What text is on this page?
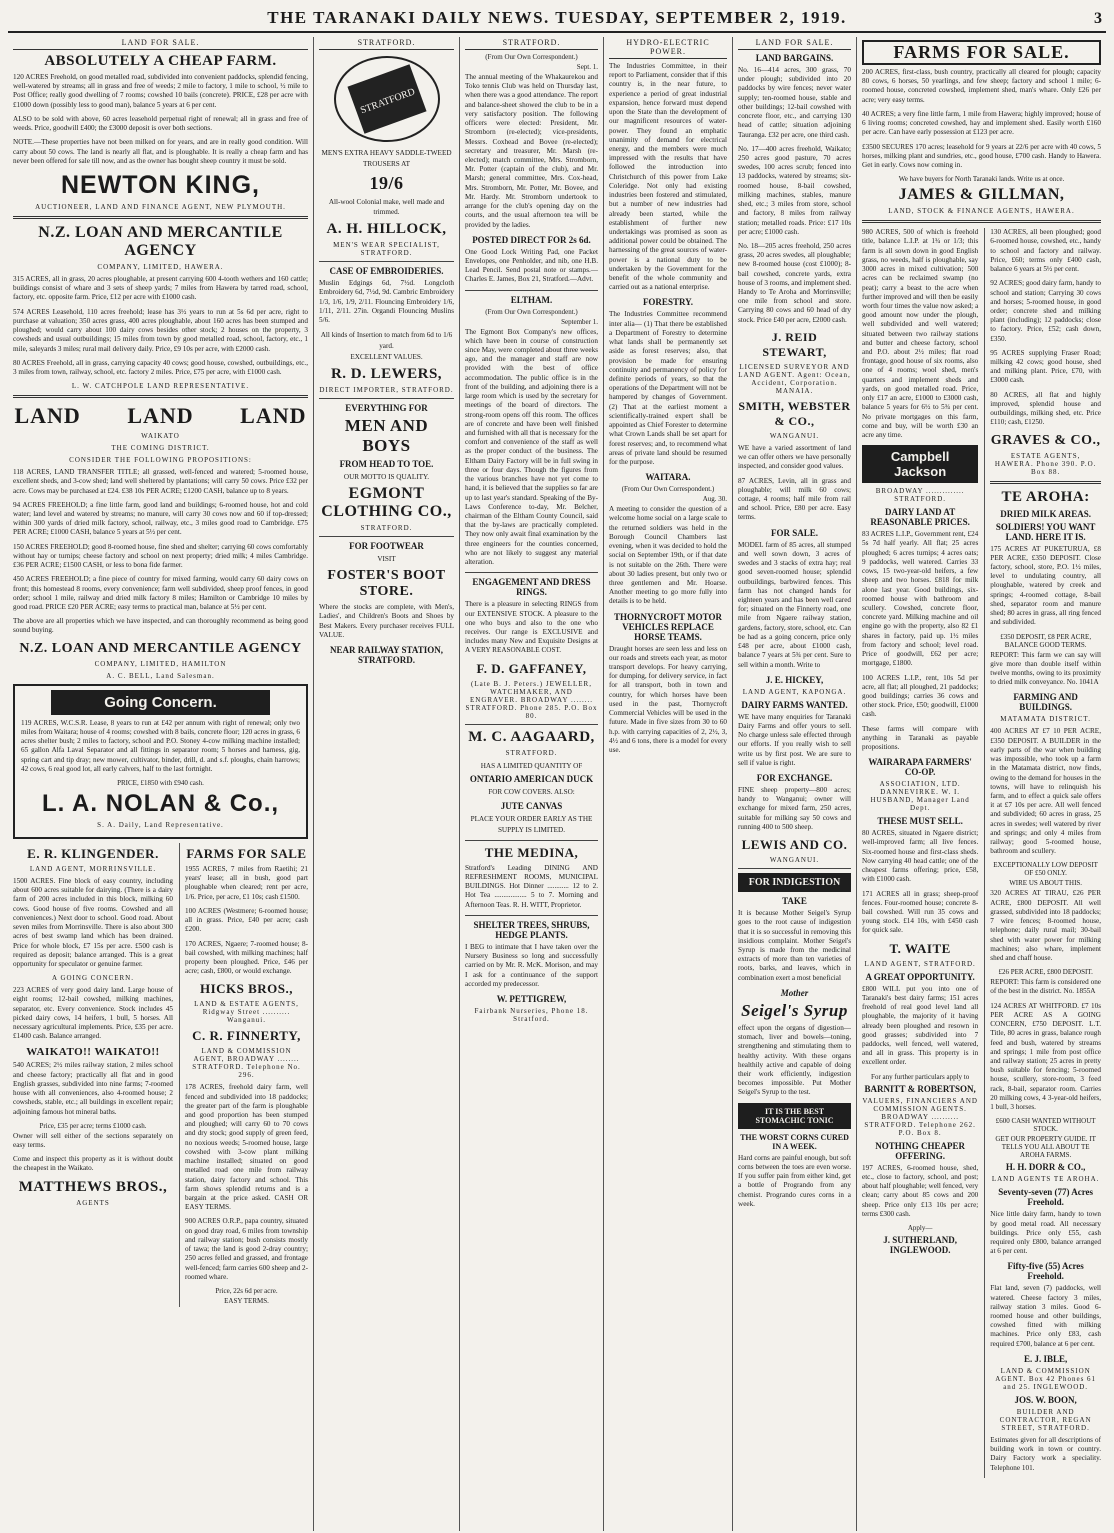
THE TARANAKI DAILY NEWS. TUESDAY, SEPTEMBER 2, 1919.	3
LAND FOR SALE.
ABSOLUTELY A CHEAP FARM.

120 ACRES Freehold, on good metalled road, subdivided into convenient paddocks, splendid fencing, well-watered by streams; all in grass and free of weeds; 2 mile to factory, 1 mile to school, ½ mile to Post Office; really good dwelling of 7 rooms; cowshed 10 bails (concrete). PRICE, £28 per acre with £1000 down (possibly less to good man), balance 5 years at 6 per cent.

ALSO to be sold with above, 60 acres leasehold perpetual right of renewal; all in grass and free of weeds. Price, goodwill £400; the £3000 deposit is over both sections.

NOTE.—These properties have not been milked on for years, and are in really good condition. Will carry about 50 cows. The land is nearly all flat, and is ploughable. It is really a cheap farm and has never been offered for sale till now, and as the owner has bought sheep country it must be sold.

NEWTON KING,
AUCTIONEER, LAND AND FINANCE AGENT, NEW PLYMOUTH.
N.Z. LOAN AND MERCANTILE AGENCY
COMPANY, LIMITED, HAWERA.

315 ACRES, all in grass, 20 acres ploughable, at present carrying 600 4-tooth wethers and 160 cattle; buildings consist of whare and 3 sets of sheep yards; 7 miles from Hawera by tarred road, school, factory, etc. opposite farm. Price, £12 per acre with £1000 cash.

574 ACRES Leasehold, 110 acres freehold; lease has 3½ years to run at 5s 6d per acre, right to purchase at valuation; 350 acres grass, 400 acres ploughable, about 160 acres has been stumped and ploughed; would carry about 100 dairy cows besides other stock; 2 houses on the property, 3 cowsheds and usual outbuildings; 15 miles from town by good metalled road, school, factory, etc., 1 mile, saleyards 3 miles; rural mail delivery daily. Price, £9 10s per acre, with £2000 cash.

80 ACRES Freehold, all in grass, carrying capacity 40 cows; good house, cowshed, outbuildings, etc., 3 miles from town, railway, school, etc. factory 2 miles. Price, £75 per acre, with £1000 cash.

L. W. CATCHPOLE LAND REPRESENTATIVE.
LAND LAND LAND
WAIKATO
THE COMING DISTRICT.
CONSIDER THE FOLLOWING PROPOSITIONS:

118 ACRES, LAND TRANSFER TITLE; all grassed, well-fenced and watered; 5-roomed house, excellent sheds, and 3-cow shed; land well sheltered by plantations; will carry 50 cows. Price £32 per acre. Cows may be purchased at £24. £38 10s PER ACRE; £1200 CASH, balance up to 8 years.

94 ACRES FREEHOLD; a fine little farm, good land and buildings; 6-roomed house, hot and cold water; land level and watered by streams; no manure, will carry 30 cows now and 60 if top-dressed; within 300 yards of dried milk factory, school, railway, etc., 3 miles good road to Cambridge. £75 PER ACRE; £1000 CASH, balance 5 years at 5½ per cent.

150 ACRES FREEHOLD; good 8-roomed house, fine shed and shelter; carrying 60 cows comfortably without hay or turnips; cheese factory and school on next property; dried milk; 4 miles Cambridge. £36 PER ACRE; £1500 CASH, or less to bona fide farmer.

450 ACRES FREEHOLD; a fine piece of country for mixed farming, would carry 60 dairy cows on front; this homestead 8 rooms, every convenience; farm well subdivided, sheep proof fences, in good order; school 1 mile, railway and dried milk factory 8 miles; Hamilton or Cambridge 10 miles by good road. PRICE £20 PER ACRE; easy terms to practical man, balance at 5½ per cent.

The above are all properties which we have inspected, and can thoroughly recommend as being good sound buying.

N.Z. LOAN AND MERCANTILE AGENCY
COMPANY, LIMITED, HAMILTON
A. C. BELL, Land Salesman.
Going Concern.

119 ACRES, W.C.S.R. Lease, 8 years to run at £42 per annum with right of renewal; only two miles from Waitara; house of 4 rooms; cowshed with 8 bails, concrete floor; 120 acres in grass, 6 acres shelter bush; 2 miles to factory, school and P.O. Stoney 4-cow milking machine installed; 65 gallon Alfa Laval Separator and all fittings in separator room; 5 horses and harness, gig, spring cart and tip dray; new mower, cultivator, binder, drill, d. and s.f. ploughs, chain harrows; 42 cows, 6 real good lot, all early calvers, half to the last fortnight.

PRICE, £1850 with £940 cash.
L. A. NOLAN & Co.,
S. A. Daily, Land Representative.
E. R. KLINGENDER.
LAND AGENT, MORRINSVILLE.

1500 ACRES. Fine block of easy country, including about 600 acres suitable for dairying. (There is a dairy farm of 200 acres included in this block, milking 60 cows. Good house of five rooms. Cowshed and all conveniences.) Next door to school. Good road. About seven miles from Morrinsville. There is also about 300 acres of best swamp land which has been drained. Price for whole block, £7 15s per acre. £500 cash is required as deposit; balance arranged. This is a great opportunity for speculator or genuine farmer.

A GOING CONCERN.

223 ACRES of very good dairy land. Large house of eight rooms; 12-bail cowshed, milking machines, separator, etc. Every convenience. Stock includes 45 picked dairy cows, 14 heifers, 1 bull, 5 horses. All necessary agricultural implements. Price, £35 per acre. £1400 cash. Balance arranged.

WAIKATO!! WAIKATO!!

540 ACRES; 2½ miles railway station, 2 miles school and cheese factory; practically all flat and in good English grasses, subdivided into nine farms; 7-roomed house with all conveniences, also 4-roomed house; 2 cowsheds, stable, etc.; all buildings in excellent repair; adjoining famous hot mineral baths.

Price, £35 per acre; terms £1000 cash.

Owner will sell either of the sections separately on easy terms.

Come and inspect this property as it is without doubt the cheapest in the Waikato.

MATTHEWS BROS.,
AGENTS
FARMS FOR SALE

1955 ACRES, 7 miles from Raetihi; 21 years' lease; all in bush, good part ploughable when cleared; rent per acre, 1/6. Price, per acre, £1 10s; cash £1500.

100 ACRES (Westmere; 6-roomed house; all in grass. Price, £40 per acre; cash £200.

170 ACRES, Ngaere; 7-roomed house; 8-bail cowshed, with milking machines; half property been ploughed. Price, £46 per acre; cash, £800, or would exchange.

HICKS BROS.,
LAND & ESTATE AGENTS, Ridgway Street .......... Wanganui.
C. R. FINNERTY,
LAND & COMMISSION AGENT, BROADWAY ........ STRATFORD. Telephone No. 296.

178 ACRES, freehold dairy farm, well fenced and subdivided into 18 paddocks; the greater part of the farm is ploughable and good proportion has been stumped and ploughed; will carry 60 to 70 cows and dry stock; good supply of green feed, no noxious weeds; 5-roomed house, large cowshed with 3-cow plant milking machine installed; situated on good metalled road one mile from railway station, dairy factory and school. This farm shows splendid returns and is a bargain at the price asked. CASH OR EASY TERMS.

900 ACRES O.R.P., papa country, situated on good dray road, 6 miles from township and railway station; bush consists mostly of tawa; the land is good 2-dray country; 250 acres felled and grassed, and frontage well-fenced; farm carries 600 sheep and 2-roomed whare.

Price, 22s 6d per acre.
EASY TERMS.
STRATFORD.
STRATFORD
MEN'S EXTRA HEAVY SADDLE-TWEED TROUSERS AT
19/6
All-wool Colonial make, well made and trimmed.
A. H. HILLOCK,
MEN'S WEAR SPECIALIST, STRATFORD.
CASE OF EMBROIDERIES.

Muslin Edgings 6d, 7½d. Longcloth Embroidery 6d, 7½d, 9d. Cambric Embroidery 1/3, 1/6, 1/9, 2/11. Flouncing Embroidery 1/6, 1/11, 2/11. 27in. Organdi Flouncing Muslins 5/6.

All kinds of Insertion to match from 6d to 1/6 yard.
EXCELLENT VALUES.
R. D. LEWERS,
DIRECT IMPORTER, STRATFORD.
EVERYTHING FOR
MEN AND BOYS
FROM HEAD TO TOE.
OUR MOTTO IS QUALITY.
EGMONT CLOTHING CO.,
STRATFORD.
FOR FOOTWEAR
VISIT
FOSTER'S BOOT STORE.

Where the stocks are complete, with Men's, Ladies', and Children's Boots and Shoes by Best Makers. Every purchaser receives FULL VALUE.

NEAR RAILWAY STATION, STRATFORD.
STRATFORD.
(From Our Own Correspondent.)
Sept. 1.

The annual meeting of the Whakaurekou and Toko tennis Club was held on Thursday last, when there was a good attendance. The report and balance-sheet showed the club to be in a very satisfactory position. The following officers were elected: President, Mr. Stromborn (re-elected); vice-presidents, Messrs. Coxhead and Bovee (re-elected); secretary and treasurer, Mr. Marsh (re-elected); match committee, Mrs. Stromborn, Mr. Potter (captain of the club), and Mr. Marsh; general committee, Mrs. Cox-head, Mrs. Stromborn, Mr. Potter, Mr. Bovee, and Mr. Hardy. Mr. Stromborn undertook to arrange for the club's opening day on the courts, and the usual afternoon tea will be provided by the ladies.

POSTED DIRECT FOR 2s 6d.

One Good Lock Writing Pad, one Packet Envelopes, one Penholder, and nib, one H.B. Lead Pencil. Send postal note or stamps.—Charles E. James, Box 21, Stratford.—Advt.

ELTHAM.
(From Our Own Correspondent.)
September 1.

The Egmont Box Company's new offices, which have been in course of construction since May, were completed about three weeks ago, and the manager and staff are now provided with the best of office accommodation. The public office is in the front of the building, and adjoining there is a large room which is used by the secretary for meetings of the board of directors. The strong-room opens off this room. The offices are of concrete and have been well finished and furnished with all that is necessary for the comfort and convenience of the staff as well as the proper conduct of the business. The Eltham Dairy Factory will be in full swing in three or four days. Though the figures from the various branches have not yet come to hand, it is believed that the supplies so far are up to last year's standard. Speaking of the By-Laws Conference to-day, Mr. Belcher, chairman of the Eltham County Council, said that the by-laws are practically completed. They now only await final examination by the three engineers for the counties concerned, who are not likely to suggest any material alteration.

ENGAGEMENT AND DRESS RINGS.

There is a pleasure in selecting RINGS from our EXTENSIVE STOCK. A pleasure to the one who buys and also to the one who receives. Our range is EXCLUSIVE and includes many New and Exquisite Designs at A VERY REASONABLE COST.

F. D. GAFFANEY,
(Late B. J. Peters.) JEWELLER, WATCHMAKER, AND ENGRAVER. BROADWAY ........ STRATFORD. Phone 285. P.O. Box 80.
M. C. AAGAARD,
STRATFORD.
HAS A LIMITED QUANTITY OF
ONTARIO AMERICAN DUCK
FOR COW COVERS. ALSO:
JUTE CANVAS
PLACE YOUR ORDER EARLY AS THE SUPPLY IS LIMITED.
THE MEDINA,

Stratford's Leading DINING AND REFRESHMENT ROOMS, MUNICIPAL BUILDINGS. Hot Dinner ............ 12 to 2. Hot Tea .................. 5 to 7. Morning and Afternoon Teas. R. H. WITT, Proprietor.

SHELTER TREES, SHRUBS, HEDGE PLANTS.

I BEG to intimate that I have taken over the Nursery Business so long and successfully carried on by Mr. R. McK. Morison, and may I ask for a continuance of the support accorded my predecessor.

W. PETTIGREW,
Fairbank Nurseries, Phone 18. Stratford.
HYDRO-ELECTRIC POWER.

The Industries Committee, in their report to Parliament, consider that if this country is, in the near future, to experience a period of great industrial expansion, hence forward must depend upon the State than the development of our magnificent resources of water-power. They found an emphatic unanimity of demand for electrical energy, and the members were much impressed with the results that have followed the introduction into Christchurch of this power from Lake Coleridge. Not only had existing industries been fostered and stimulated, but a number of new industries had already been started, while the establishment of further new undertakings was promised as soon as additional power could be obtained. The harnessing of the great sources of water-power is a national duty to be undertaken by the Government for the benefit of the whole community and carried out as a national enterprise.

FORESTRY.

The Industries Committee recommend inter alia— (1) That there be established a Department of Forestry to determine what lands shall be permanently set aside as forest reserves; also, that provision be made for ensuring continuity and permanency of policy for definite periods of years, so that the operations of the Department will not be hampered by changes of Government. (2) That at the earliest moment a scientifically-trained expert shall be appointed as Chief Forester to determine what Crown Lands shall be set apart for forest reserves; and, to recommend what areas of private land should be resumed for the purpose.

WAITARA.
(From Our Own Correspondent.)
Aug. 30.

A meeting to consider the question of a welcome home social on a large scale to the returned soldiers was held in the Borough Council Chambers last evening, when it was decided to hold the social on September 19th, or if that date is not suitable on the 26th. There were about 30 ladies present, but only two or three gentlemen and Mr. Hoarse. Another meeting to go more fully into details is to be held.

THORNYCROFT MOTOR VEHICLES REPLACE HORSE TEAMS.

Draught horses are seen less and less on our roads and streets each year, as motor transport develops. For heavy carrying, for dumping, for delivery service, in fact for all transport, both in town and country, for which horses have been used in the past, Thornycroft Commercial Vehicles will be used in the future. Made in five sizes from 30 to 60 h.p. with carrying capacities of 2, 2½, 3, 4½ and 6 tons, there is a model for every use.

LAND FOR SALE.
LAND BARGAINS.

No. 16—414 acres, 300 grass, 70 under plough; subdivided into 20 paddocks by wire fences; never water supply; ten-roomed house, stable and other buildings; 12-bail cowshed with concrete floor, etc., and carrying 130 head of cattle; situation adjoining Tauranga. £32 per acre, one third cash.

No. 17—400 acres freehold, Waikato; 250 acres good pasture, 70 acres swedes, 100 acres scrub; fenced into 13 paddocks, watered by streams; six-roomed house, 8-bail cowshed, milking machines, stables, manure shed, etc.; 3 miles from store, school and factory, 8 miles from railway station; metalled roads. Price: £17 10s per acre; £1000 cash.

No. 18—205 acres freehold, 250 acres grass, 20 acres swedes, all ploughable; new 8-roomed house (cost £1000); 8-bail cowshed, concrete yards, extra house of 3 rooms, and implement shed. Handy to Te Aroha and Morrinsville; one mile from school and store. Carrying 80 cows and 60 head of dry stock. Price £40 per acre, £2000 cash.

J. REID STEWART,
LICENSED SURVEYOR AND LAND AGENT. Agent: Ocean, Accident, Corporation. MANAIA.
SMITH, WEBSTER & CO.,
WANGANUI.

WE have a varied assortment of land we can offer others we have personally inspected, and consider good values.

87 ACRES, Levin, all in grass and ploughable; will milk 60 cows; cottage, 4 rooms; half mile from rail and school. Price, £80 per acre. Easy terms.

FOR SALE.

MODEL farm of 85 acres, all stumped and well sown down, 3 acres of swedes and 3 stacks of extra hay; real good seven-roomed house; splendid outbuildings, barbwired fences. This farm has not changed hands for eighteen years and has been well cared for; situated on the Finnerty road, one mile from Ngaere railway station, gardens, factory, store, school, etc. Can be had as a going concern, price only £48 per acre, about £1000 cash, balance 7 years at 5¾ per cent. Sure to sell within a month. Write to

J. E. HICKEY,
LAND AGENT, KAPONGA.
DAIRY FARMS WANTED.

WE have many enquiries for Taranaki Dairy Farms and offer yours to sell. No charge unless sale effected through our efforts. If you really wish to sell write us by first post. We are sure to sell if value is right.

FOR EXCHANGE.

FINE sheep property—800 acres; handy to Wanganui; owner will exchange for mixed farm, 250 acres, suitable for milking say 50 cows and running 400 to 500 sheep.

LEWIS AND CO.
WANGANUI.
FOR INDIGESTION
TAKE

It is because Mother Seigel's Syrup goes to the root cause of indigestion that it is so successful in removing this insidious complaint. Mother Seigel's Syrup is made from the medicinal extracts of more than ten varieties of roots, barks, and leaves, which in combination exert a most beneficial

Mother
Seigel's Syrup

effect upon the organs of digestion—stomach, liver and bowels—toning, strengthening and stimulating them to healthy activity. With these organs healthily active and capable of doing their work efficiently, indigestion becomes impossible. Put Mother Seigel's Syrup to the test.

IT IS THE BEST STOMACHIC TONIC
THE WORST CORNS CURED IN A WEEK.

Hard corns are painful enough, but soft corns between the toes are even worse. If you suffer pain from either kind, get a bottle of Progrando from any chemist. Progrando cures corns in a week.

FARMS FOR SALE.

200 ACRES, first-class, bush country, practically all cleared for plough; capacity 80 cows, 6 horses, 50 yearlings, and few sheep; factory and school 1 mile; 6-roomed house, concreted cowshed, implement shed, man's whare. Only £26 per acre; very easy terms.

40 ACRES; a very fine little farm, 1 mile from Hawera; highly improved; house of 6 living rooms; concreted cowshed, hay and implement shed. Easily worth £160 per acre. Can have early possession at £123 per acre.

£3500 SECURES 170 acres; leasehold for 9 years at 22/6 per acre with 40 cows, 5 horses, milking plant and sundries, etc., good house, £700 cash. Handy to Hawera. Get in early. Cows now coming in.

We have buyers for North Taranaki lands. Write us at once.
JAMES & GILLMAN,
LAND, STOCK & FINANCE AGENTS, HAWERA.

980 ACRES, 500 of which is freehold title, balance L.I.P. at 1¾ or 1/3; this farm is all sown down in good English grass, no weeds, half is ploughable, say 3000 acres in mixed cultivation; 500 acres can be reclaimed swamp (no peat); carry a beast to the acre when further improved and will then be easily worth four times the value now asked; a good amount now under the plough, well subdivided and well watered; situated between two railway stations and butter and cheese factory, school and P.O. about 2½ miles; flat road frontage, good house of six rooms, also one of 4 rooms; wool shed, men's quarters and implement sheds and yards, on good metalled road. Price, only £17 an acre, £1000 to £3000 cash, balance 5 years for 6½ to 5¾ per cent. No private mortgages on this farm, come and buy, will be worth £30 an acre any time.

Campbell Jackson
BROADWAY .............. STRATFORD.
DAIRY LAND AT REASONABLE PRICES.

83 ACRES L.I.P., Government rent, £24 5s 7d half yearly. All flat; 25 acres ploughed; 6 acres turnips; 4 acres oats; 9 paddocks, well watered. Carries 33 cows, 15 two-year-old heifers, a few sheep and two horses. £818 for milk alone last year. Good buildings, six-roomed house with bathroom and scullery. Cowshed, concrete floor, concrete yard. Milking machine and oil engine go with the property, also 82 £1 shares in factory, paid up. 1½ miles from factory and school; level road. Price of goodwill, £62 per acre; mortgage, £1800.

100 ACRES L.I.P., rent, 10s 5d per acre, all flat; all ploughed, 21 paddocks; good buildings; carries 36 cows and other stock. Price, £50; goodwill, £1000 cash.

These farms will compare with anything in Taranaki as payable propositions.

WAIRARAPA FARMERS' CO-OP.
ASSOCIATION, LTD. DANNEVIRKE. W. I. HUSBAND, Manager Land Dept.
THESE MUST SELL.

80 ACRES, situated in Ngaere district; well-improved farm; all live fences. Six-roomed house and first-class sheds. Now carrying 40 head cattle; one of the cheapest farms offering; price, £58, with £1000 cash.

171 ACRES all in grass; sheep-proof fences. Four-roomed house; concrete 8-bail cowshed. Will run 35 cows and young stock. £14 10s, with £450 cash for quick sale.

T. WAITE
LAND AGENT, STRATFORD.
A GREAT OPPORTUNITY.

£800 WILL put you into one of Taranaki's best dairy farms; 151 acres freehold of real good level land all ploughable, the majority of it having already been ploughed and resown in good grasses; subdivided into 7 paddocks, well fenced, well watered, and all in grass. This property is in excellent order.

For any further particulars apply to
BARNITT & ROBERTSON,
VALUERS, FINANCIERS AND COMMISSION AGENTS. BROADWAY .......... STRATFORD. Telephone 262. P.O. Box 8.
NOTHING CHEAPER OFFERING.

197 ACRES, 6-roomed house, shed, etc., close to factory, school, and post; about half ploughable; well fenced, very clean; carry about 85 cows and 200 sheep. Price only £13 10s per acre; terms £300 cash.

Apply—
J. SUTHERLAND, INGLEWOOD.

130 ACRES, all been ploughed; good 6-roomed house, cowshed, etc., handy to school and factory and railway. Price, £60; terms only £400 cash, balance 6 years at 5½ per cent.

92 ACRES; good dairy farm, handy to school and station; Carrying 30 cows and horses; 5-roomed house, in good order; concrete shed and milking plant (including); 12 paddocks; close to factory. Price, £52; cash down, £350.

95 ACRES supplying Fraser Road; milking 42 cows; good house, shed and milking plant. Price, £70, with £3000 cash.

80 ACRES, all flat and highly improved, splendid house and outbuildings, milking shed, etc. Price £110; cash, £1250.

GRAVES & CO.,
ESTATE AGENTS, HAWERA. Phone 390. P.O. Box 88.
TE AROHA:
DRIED MILK AREAS.
SOLDIERS! YOU WANT LAND. HERE IT IS.

175 ACRES AT PUKETURUA, £8 PER ACRE, £350 DEPOSIT. Close factory, school, store, P.O. 1½ miles, level to undulating country, all ploughable, watered by creek and springs; 4-roomed cottage, 8-bail shed, separator room and manure shed; 80 acres in grass, all ring fenced and subdivided.

£350 DEPOSIT, £8 PER ACRE, BALANCE GOOD TERMS.

REPORT: This farm we can say will give more than double itself within twelve months, owing to its proximity to dried milk conveyance. No. 1041A

FARMING AND BUILDINGS.
MATAMATA DISTRICT.

400 ACRES AT £7 10 PER ACRE, £350 DEPOSIT. A BUILDER in the early parts of the war when building was impossible, who took up a farm in the Matamata district, now finds, owing to the demand for houses in the towns, will have to relinquish his farm, and to effect a quick sale offers it at £7 10s per acre. All well fenced and subdivided; 60 acres in grass, 25 acres in swedes; well watered by river and springs; and only 4 miles from railway; good 5-roomed house, bathroom and scullery.

EXCEPTIONALLY LOW DEPOSIT OF £50 ONLY.
WIRE US ABOUT THIS.

320 ACRES AT TIRAU, £26 PER ACRE, £800 DEPOSIT. All well grassed, subdivided into 18 paddocks; 7 wire fences; 8-roomed house, telephone; daily rural mail; 30-bail shed with water power for milking machines; also whare, implement shed and chaff house.

£26 PER ACRE, £800 DEPOSIT.

REPORT: This farm is considered one of the best in the district. No. 1855A

124 ACRES AT WHITFORD. £7 10s PER ACRE AS A GOING CONCERN, £750 DEPOSIT. L.T. Title, 80 acres in grass, balance rough feed and bush, watered by streams and springs; 1 mile from post office and railway station; 25 acres in pretty bush suitable for fencing; 5-roomed house, scullery, store-room, 3 feed rack, 8-bail, separator room. Carries 20 milking cows, 4 3-year-old heifers, 1 bull, 3 horses.

£600 CASH WANTED WITHOUT STOCK.
GET OUR PROPERTY GUIDE. IT TELLS YOU ALL ABOUT TE AROHA FARMS.
H. H. DORR & CO.,
LAND AGENTS TE AROHA.
Seventy-seven (77) Acres Freehold.

Nice little dairy farm, handy to town by good metal road. All necessary buildings. Price only £55, cash required only £800, balance arranged at 6 per cent.

Fifty-five (55) Acres Freehold.

Flat land, seven (7) paddocks, well watered. Cheese factory 3 miles, railway station 3 miles. Good 6-roomed house and other buildings, cowshed fitted with milking machines. Price only £83, cash required £700, balance at 6 per cent.

E. J. IBLE,
LAND & COMMISSION AGENT. Box 42 Phones 61 and 25. INGLEWOOD.
JOS. W. BOON,
BUILDER AND CONTRACTOR, REGAN STREET, STRATFORD.

Estimates given for all descriptions of building work in town or country. Dairy Factory work a speciality. Telephone 101.
